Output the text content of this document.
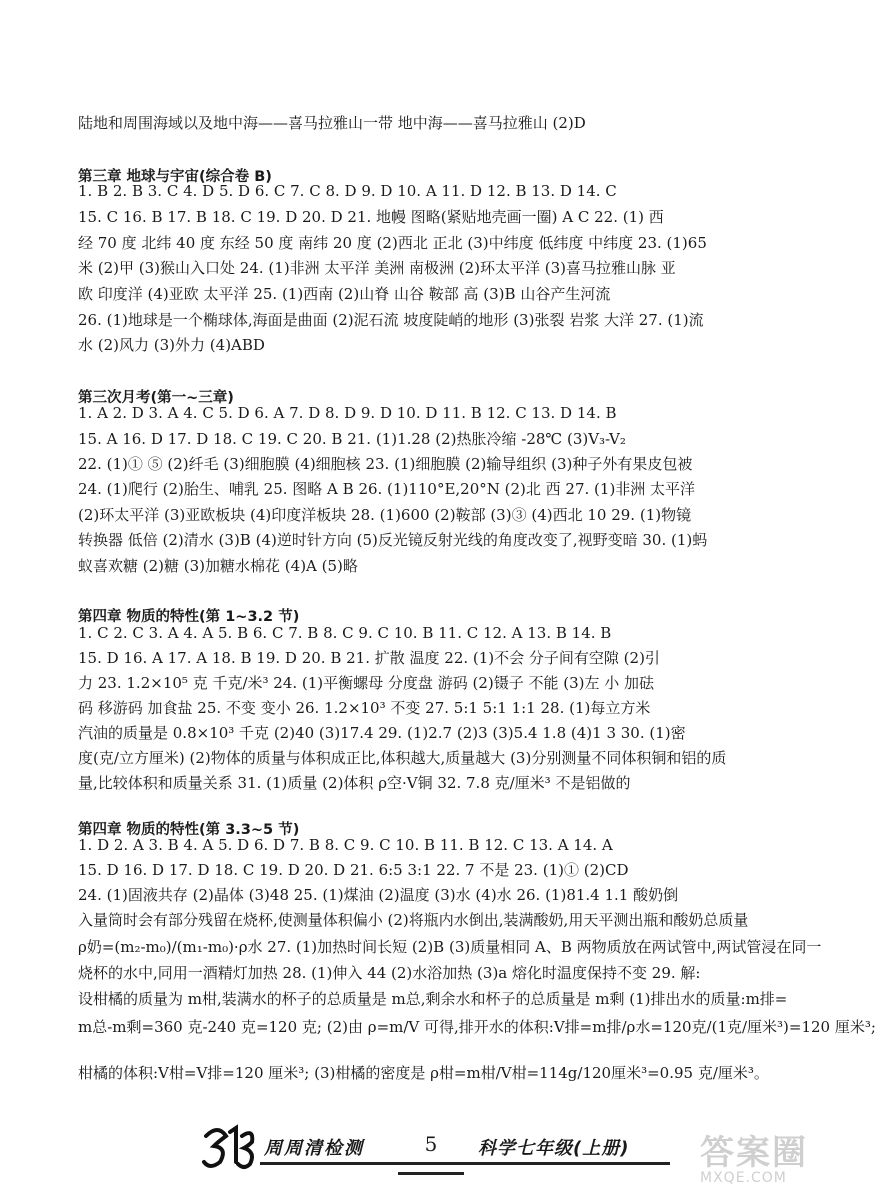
陆地和周围海域以及地中海——喜马拉雅山一带 地中海——喜马拉雅山 (2)D
第三章 地球与宇宙(综合卷 B)
1. B 2. B 3. C 4. D 5. D 6. C 7. C 8. D 9. D 10. A 11. D 12. B 13. D 14. C
15. C 16. B 17. B 18. C 19. D 20. D 21. 地幔 图略(紧贴地壳画一圈) A C 22. (1) 西
经 70 度 北纬 40 度 东经 50 度 南纬 20 度 (2)西北 正北 (3)中纬度 低纬度 中纬度 23. (1)65
米 (2)甲 (3)猴山入口处 24. (1)非洲 太平洋 美洲 南极洲 (2)环太平洋 (3)喜马拉雅山脉 亚
欧 印度洋 (4)亚欧 太平洋 25. (1)西南 (2)山脊 山谷 鞍部 高 (3)B 山谷产生河流
26. (1)地球是一个椭球体,海面是曲面 (2)泥石流 坡度陡峭的地形 (3)张裂 岩浆 大洋 27. (1)流
水 (2)风力 (3)外力 (4)ABD
第三次月考(第一~三章)
1. A 2. D 3. A 4. C 5. D 6. A 7. D 8. D 9. D 10. D 11. B 12. C 13. D 14. B
15. A 16. D 17. D 18. C 19. C 20. B 21. (1)1.28 (2)热胀冷缩 -28℃ (3)V₃-V₂
22. (1)① ⑤ (2)纤毛 (3)细胞膜 (4)细胞核 23. (1)细胞膜 (2)输导组织 (3)种子外有果皮包被
24. (1)爬行 (2)胎生、哺乳 25. 图略 A B 26. (1)110°E,20°N (2)北 西 27. (1)非洲 太平洋
(2)环太平洋 (3)亚欧板块 (4)印度洋板块 28. (1)600 (2)鞍部 (3)③ (4)西北 10 29. (1)物镜
转换器 低倍 (2)清水 (3)B (4)逆时针方向 (5)反光镜反射光线的角度改变了,视野变暗 30. (1)蚂
蚁喜欢糖 (2)糖 (3)加糖水棉花 (4)A (5)略
第四章 物质的特性(第 1~3.2 节)
1. C 2. C 3. A 4. A 5. B 6. C 7. B 8. C 9. C 10. B 11. C 12. A 13. B 14. B
15. D 16. A 17. A 18. B 19. D 20. B 21. 扩散 温度 22. (1)不会 分子间有空隙 (2)引
力 23. 1.2×10⁵ 克 千克/米³ 24. (1)平衡螺母 分度盘 游码 (2)镊子 不能 (3)左 小 加砝
码 移游码 加食盐 25. 不变 变小 26. 1.2×10³ 不变 27. 5:1 5:1 1:1 28. (1)每立方米
汽油的质量是 0.8×10³ 千克 (2)40 (3)17.4 29. (1)2.7 (2)3 (3)5.4 1.8 (4)1 3 30. (1)密
度(克/立方厘米) (2)物体的质量与体积成正比,体积越大,质量越大 (3)分别测量不同体积铜和铝的质
量,比较体积和质量关系 31. (1)质量 (2)体积 ρ空·V铜 32. 7.8 克/厘米³ 不是铝做的
第四章 物质的特性(第 3.3~5 节)
1. D 2. A 3. B 4. A 5. D 6. D 7. B 8. C 9. C 10. B 11. B 12. C 13. A 14. A
15. D 16. D 17. D 18. C 19. D 20. D 21. 6:5 3:1 22. 7 不是 23. (1)① (2)CD
24. (1)固液共存 (2)晶体 (3)48 25. (1)煤油 (2)温度 (3)水 (4)水 26. (1)81.4 1.1 酸奶倒
入量筒时会有部分残留在烧杯,使测量体积偏小 (2)将瓶内水倒出,装满酸奶,用天平测出瓶和酸奶总质量
ρ奶=(m₂-m₀)/(m₁-m₀)·ρ水 27. (1)加热时间长短 (2)B (3)质量相同 A、B 两物质放在两试管中,两试管浸在同一
烧杯的水中,同用一酒精灯加热 28. (1)伸入 44 (2)水浴加热 (3)a 熔化时温度保持不变 29. 解:
设柑橘的质量为 m柑,装满水的杯子的总质量是 m总,剩余水和杯子的总质量是 m剩 (1)排出水的质量:m排=
m总-m剩=360 克-240 克=120 克; (2)由 ρ=m/V 可得,排开水的体积:V排=m排/ρ水=120克/(1克/厘米³)=120 厘米³;
柑橘的体积:V柑=V排=120 厘米³; (3)柑橘的密度是 ρ柑=m柑/V柑=114g/120厘米³=0.95 克/厘米³。
周周清检测	5	科学七年级(上册) 答案圈
MXQE.COM
